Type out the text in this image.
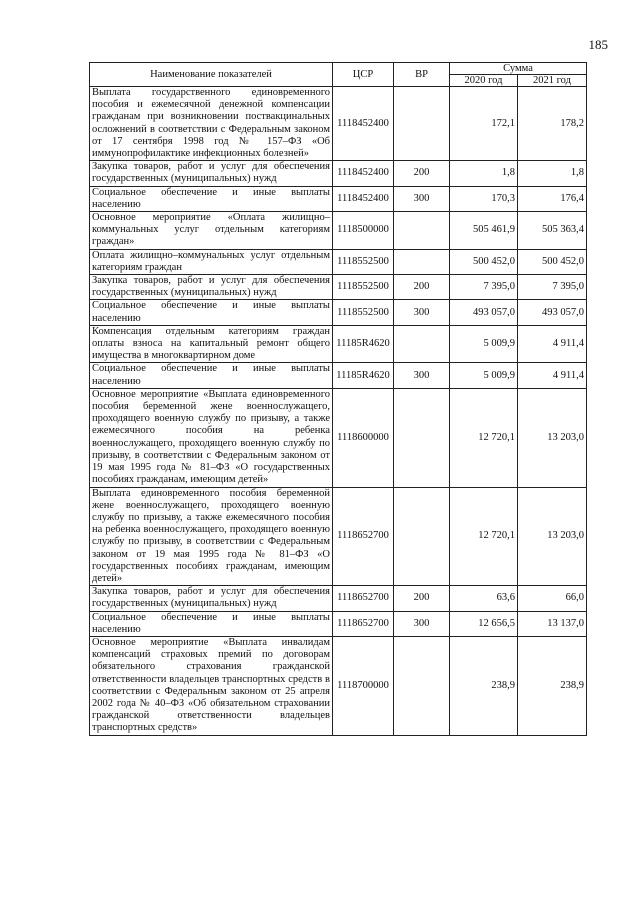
185
Наименование показателей	ЦСР	ВР	Сумма	
			2020 год	2021 год
Выплата государственного единовременного пособия и ежемесячной денежной компенсации гражданам при возникновении поствакцинальных осложнений в соответствии с Федеральным законом от 17 сентября 1998 год № 157–ФЗ «Об иммунопрофилактике инфекционных болезней»	1118452400		172,1	178,2
Закупка товаров, работ и услуг для обеспечения государственных (муниципальных) нужд	1118452400	200	1,8	1,8
Социальное обеспечение и иные выплаты населению	1118452400	300	170,3	176,4
Основное мероприятие «Оплата жилищно–коммунальных услуг отдельным категориям граждан»	1118500000		505 461,9	505 363,4
Оплата жилищно–коммунальных услуг отдельным категориям граждан	1118552500		500 452,0	500 452,0
Закупка товаров, работ и услуг для обеспечения государственных (муниципальных) нужд	1118552500	200	7 395,0	7 395,0
Социальное обеспечение и иные выплаты населению	1118552500	300	493 057,0	493 057,0
Компенсация отдельным категориям граждан оплаты взноса на капитальный ремонт общего имущества в многоквартирном доме	11185R4620		5 009,9	4 911,4
Социальное обеспечение и иные выплаты населению	11185R4620	300	5 009,9	4 911,4
Основное мероприятие «Выплата единовременного пособия беременной жене военнослужащего, проходящего военную службу по призыву, а также ежемесячного пособия на ребенка военнослужащего, проходящего военную службу по призыву, в соответствии с Федеральным законом от 19 мая 1995 года № 81–ФЗ «О государственных пособиях гражданам, имеющим детей»	1118600000		12 720,1	13 203,0
Выплата единовременного пособия беременной жене военнослужащего, проходящего военную службу по призыву, а также ежемесячного пособия на ребенка военнослужащего, проходящего военную службу по призыву, в соответствии с Федеральным законом от 19 мая 1995 года № 81–ФЗ «О государственных пособиях гражданам, имеющим детей»	1118652700		12 720,1	13 203,0
Закупка товаров, работ и услуг для обеспечения государственных (муниципальных) нужд	1118652700	200	63,6	66,0
Социальное обеспечение и иные выплаты населению	1118652700	300	12 656,5	13 137,0
Основное мероприятие «Выплата инвалидам компенсаций страховых премий по договорам обязательного страхования гражданской ответственности владельцев транспортных средств в соответствии с Федеральным законом от 25 апреля 2002 года № 40–ФЗ «Об обязательном страховании гражданской ответственности владельцев транспортных средств»	1118700000		238,9	238,9
